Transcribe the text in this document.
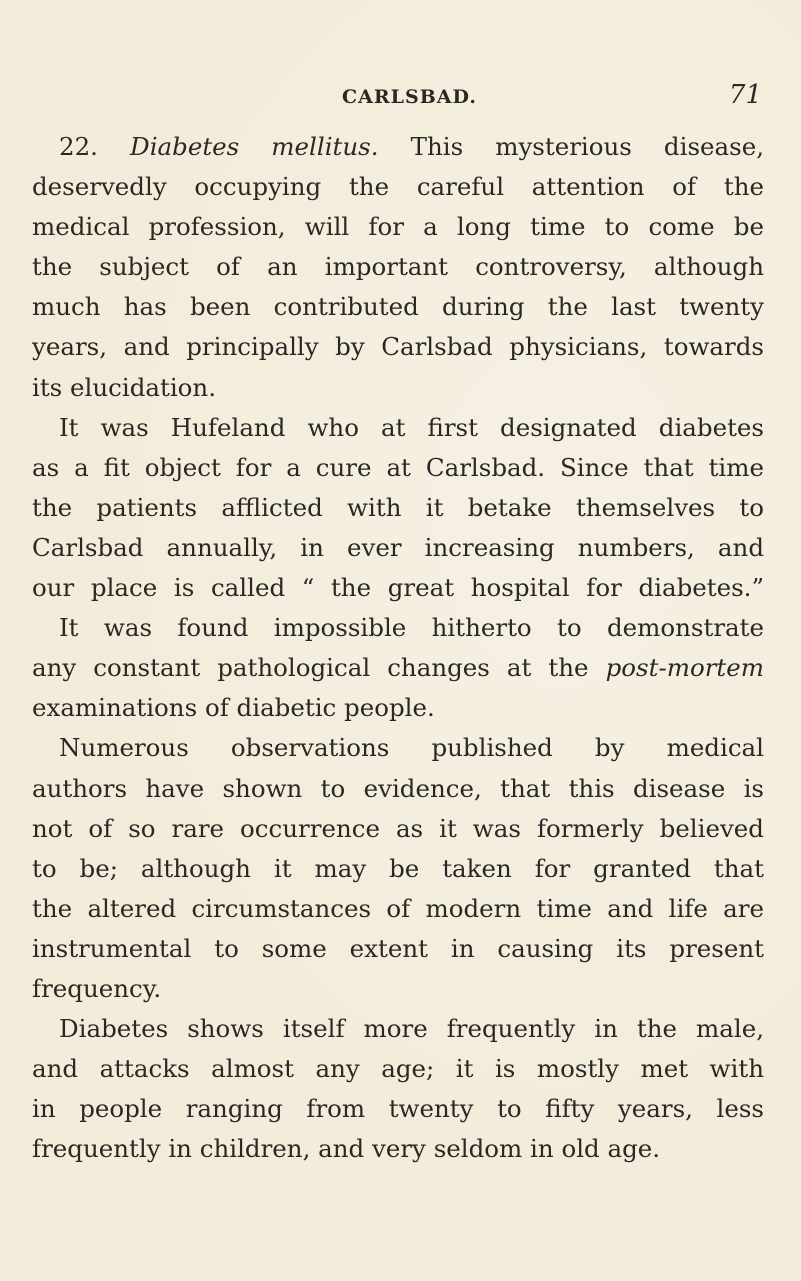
CARLSBAD.	71
22. Diabetes mellitus. This mysterious disease,
deservedly occupying the careful attention of the
medical profession, will for a long time to come be
the subject of an important controversy, although
much has been contributed during the last twenty
years, and principally by Carlsbad physicians, towards
its elucidation.
It was Hufeland who at first designated diabetes
as a fit object for a cure at Carlsbad. Since that time
the patients afflicted with it betake themselves to
Carlsbad annually, in ever increasing numbers, and
our place is called “ the great hospital for diabetes.”
It was found impossible hitherto to demonstrate
any constant pathological changes at the post-mortem
examinations of diabetic people.
Numerous observations published by medical
authors have shown to evidence, that this disease is
not of so rare occurrence as it was formerly believed
to be; although it may be taken for granted that
the altered circumstances of modern time and life are
instrumental to some extent in causing its present
frequency.
Diabetes shows itself more frequently in the male,
and attacks almost any age; it is mostly met with
in people ranging from twenty to fifty years, less
frequently in children, and very seldom in old age.
